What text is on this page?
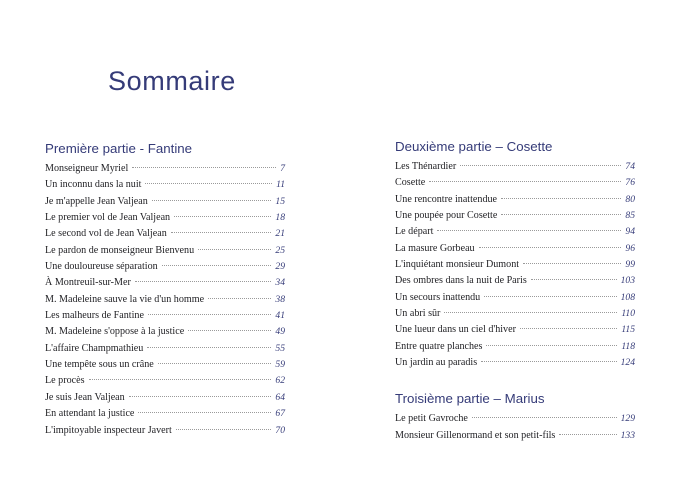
Sommaire
Première partie - Fantine
Monseigneur Myriel	7
Un inconnu dans la nuit	11
Je m'appelle Jean Valjean	15
Le premier vol de Jean Valjean	18
Le second vol de Jean Valjean	21
Le pardon de monseigneur Bienvenu	25
Une douloureuse séparation	29
À Montreuil-sur-Mer	34
M. Madeleine sauve la vie d'un homme	38
Les malheurs de Fantine	41
M. Madeleine s'oppose à la justice	49
L'affaire Champmathieu	55
Une tempête sous un crâne	59
Le procès	62
Je suis Jean Valjean	64
En attendant la justice	67
L'impitoyable inspecteur Javert	70
Deuxième partie – Cosette
Les Thénardier	74
Cosette	76
Une rencontre inattendue	80
Une poupée pour Cosette	85
Le départ	94
La masure Gorbeau	96
L'inquiétant monsieur Dumont	99
Des ombres dans la nuit de Paris	103
Un secours inattendu	108
Un abri sûr	110
Une lueur dans un ciel d'hiver	115
Entre quatre planches	118
Un jardin au paradis	124
Troisième partie – Marius
Le petit Gavroche	129
Monsieur Gillenormand et son petit-fils	133
